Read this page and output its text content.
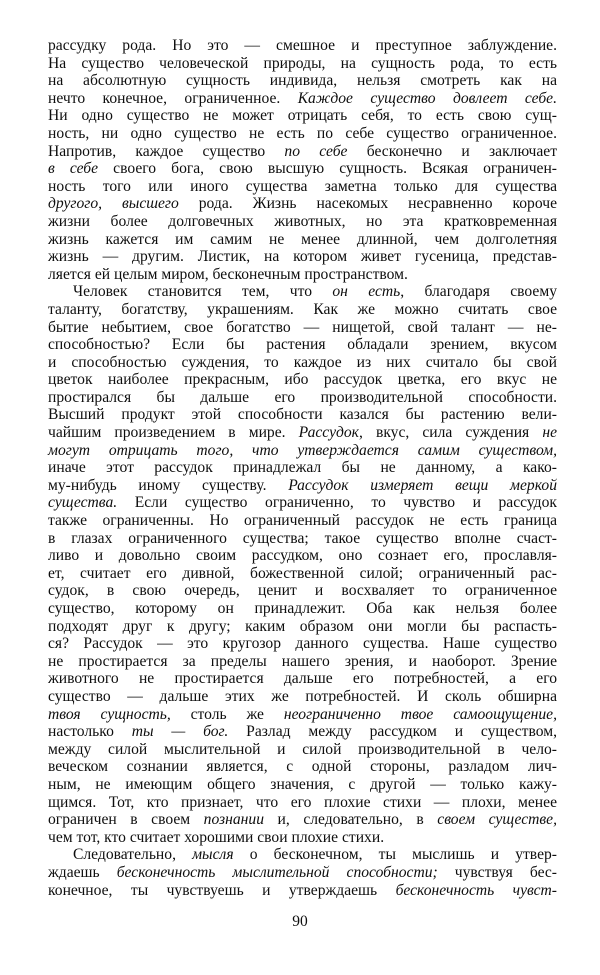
рассудку рода. Но это — смешное и преступное заблуждение.
На существо человеческой природы, на сущность рода, то есть
на абсолютную сущность индивида, нельзя смотреть как на
нечто конечное, ограниченное. Каждое существо довлеет себе.
Ни одно существо не может отрицать себя, то есть свою сущ-
ность, ни одно существо не есть по себе существо ограниченное.
Напротив, каждое существо по себе бесконечно и заключает
в себе своего бога, свою высшую сущность. Всякая ограничен-
ность того или иного существа заметна только для существа
другого, высшего рода. Жизнь насекомых несравненно короче
жизни более долговечных животных, но эта кратковременная
жизнь кажется им самим не менее длинной, чем долголетняя
жизнь — другим. Листик, на котором живет гусеница, представ-
ляется ей целым миром, бесконечным пространством.
Человек становится тем, что он есть, благодаря своему
таланту, богатству, украшениям. Как же можно считать свое
бытие небытием, свое богатство — нищетой, свой талант — не-
способностью? Если бы растения обладали зрением, вкусом
и способностью суждения, то каждое из них считало бы свой
цветок наиболее прекрасным, ибо рассудок цветка, его вкус не
простирался бы дальше его производительной способности.
Высший продукт этой способности казался бы растению вели-
чайшим произведением в мире. Рассудок, вкус, сила суждения не
могут отрицать того, что утверждается самим существом,
иначе этот рассудок принадлежал бы не данному, а како-
му-нибудь иному существу. Рассудок измеряет вещи меркой
существа. Если существо ограниченно, то чувство и рассудок
также ограниченны. Но ограниченный рассудок не есть граница
в глазах ограниченного существа; такое существо вполне счаст-
ливо и довольно своим рассудком, оно сознает его, прославля-
ет, считает его дивной, божественной силой; ограниченный рас-
судок, в свою очередь, ценит и восхваляет то ограниченное
существо, которому он принадлежит. Оба как нельзя более
подходят друг к другу; каким образом они могли бы распасть-
ся? Рассудок — это кругозор данного существа. Наше существо
не простирается за пределы нашего зрения, и наоборот. Зрение
животного не простирается дальше его потребностей, а его
существо — дальше этих же потребностей. И сколь обширна
твоя сущность, столь же неограниченно твое самоощущение,
настолько ты — бог. Разлад между рассудком и существом,
между силой мыслительной и силой производительной в чело-
веческом сознании является, с одной стороны, разладом лич-
ным, не имеющим общего значения, с другой — только кажу-
щимся. Тот, кто признает, что его плохие стихи — плохи, менее
ограничен в своем познании и, следовательно, в своем существе,
чем тот, кто считает хорошими свои плохие стихи.
Следовательно, мысля о бесконечном, ты мыслишь и утвер-
ждаешь бесконечность мыслительной способности; чувствуя бес-
конечное, ты чувствуешь и утверждаешь бесконечность чувст-
90
